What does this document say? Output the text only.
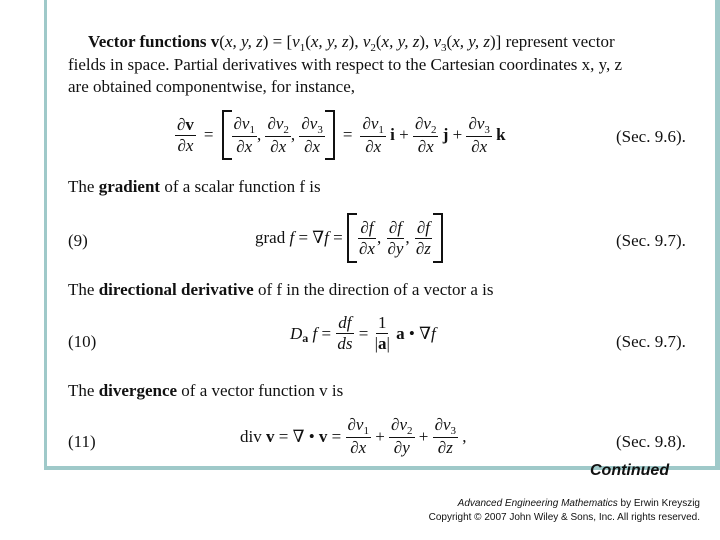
Vector functions v(x, y, $z) = [v_1(x$, y, z), $v_2(x$, y, z), $v_3(x$, y, z)] represent vector
fields in space. Partial derivatives with respect to the Cartesian coordinates x, y, z
are obtained componentwise, for instance,
$\frac{\partial v}{\partial x} = \frac{\partial v_1}{\partial x}$ , $\frac{\partial v_2}{\partial x}$ , $\frac{\partial v_3}{\partial x} = \frac{\partial v_1}{\partial x}$
$i + \frac{\partial v_2}{\partial x}$
$j + \frac{\partial v_3}{\partial x}$
k	(Sec. 9.6).
The gradient of a scalar function f is
(9)	grad f = ∇ $f = \frac{\partial f}{\partial x}$ , $\frac{\partial f}{\partial y}$ , $\frac{\partial f}{\partial z}$	(Sec. 9.7).
The directional derivative of f in the direction of a vector a is
(10)	D a
$f = \frac{df}{ds} = \frac{1}{|a|}$
a • ∇ f	(Sec. 9.7).
The divergence of a vector function v is
(11)	div v = ∇ • $v = \frac{\partial v_1}{\partial x} + \frac{\partial v_2}{\partial y} + \frac{\partial v_3}{\partial z}$ ,	(Sec. 9.8).
Continued
Advanced Engineering Mathematics by Erwin Kreyszig
Copyright © 2007 John Wiley & Sons, Inc. All rights reserved.
